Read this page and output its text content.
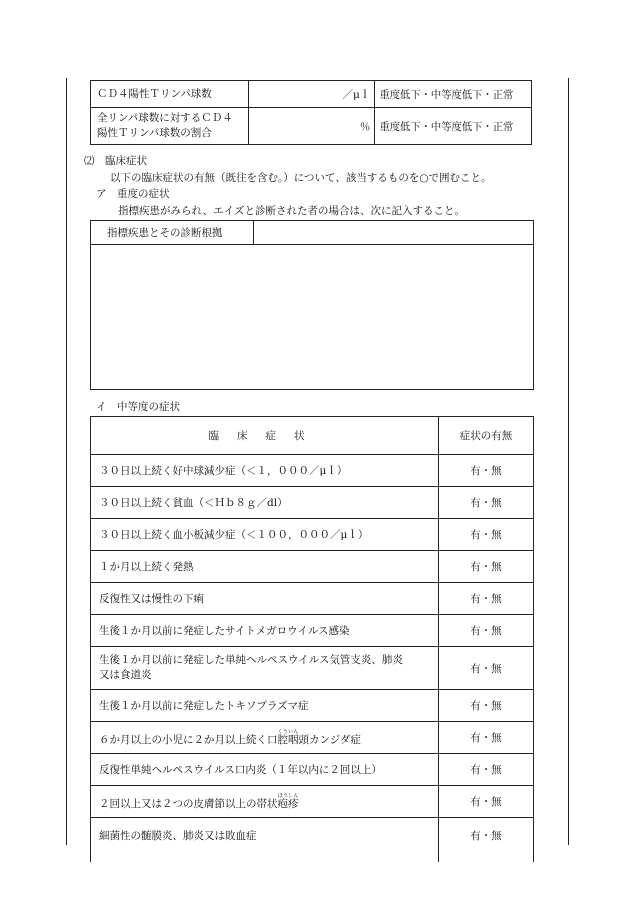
ＣＤ４陽性Ｔリンパ球数	／μｌ	重度低下・中等度低下・正常

全リンパ球数に対するＣＤ４
陽性Ｔリンパ球数の割合	％	重度低下・中等度低下・正常
⑵　臨床症状
以下の臨床症状の有無（既往を含む。）について、該当するものを○で囲むこと。
ア　重度の症状
指標疾患がみられ、エイズと診断された者の場合は、次に記入すること。
指標疾患とその診断根拠	

イ　中等度の症状
臨床症状	症状の有無
３０日以上続く好中球減少症（＜１，０００／μｌ）	有・無
３０日以上続く貧血（＜Ｈｂ８ｇ／dl）	有・無
３０日以上続く血小板減少症（＜１００，０００／μｌ）	有・無
１か月以上続く発熱	有・無
反復性又は慢性の下痢	有・無
生後１か月以前に発症したサイトメガロウイルス感染	有・無

生後１か月以前に発症した単純ヘルペスウイルス気管支炎、肺炎
又は食道炎	有・無
生後１か月以前に発症したトキソプラズマ症	有・無
６か月以上の小児に２か月以上続く口腔くう咽いん頭カンジダ症	有・無
反復性単純ヘルペスウイルス口内炎（１年以内に２回以上）	有・無
２回以上又は２つの皮膚節以上の帯状疱ほう疹しん	有・無
細菌性の髄膜炎、肺炎又は敗血症	有・無
